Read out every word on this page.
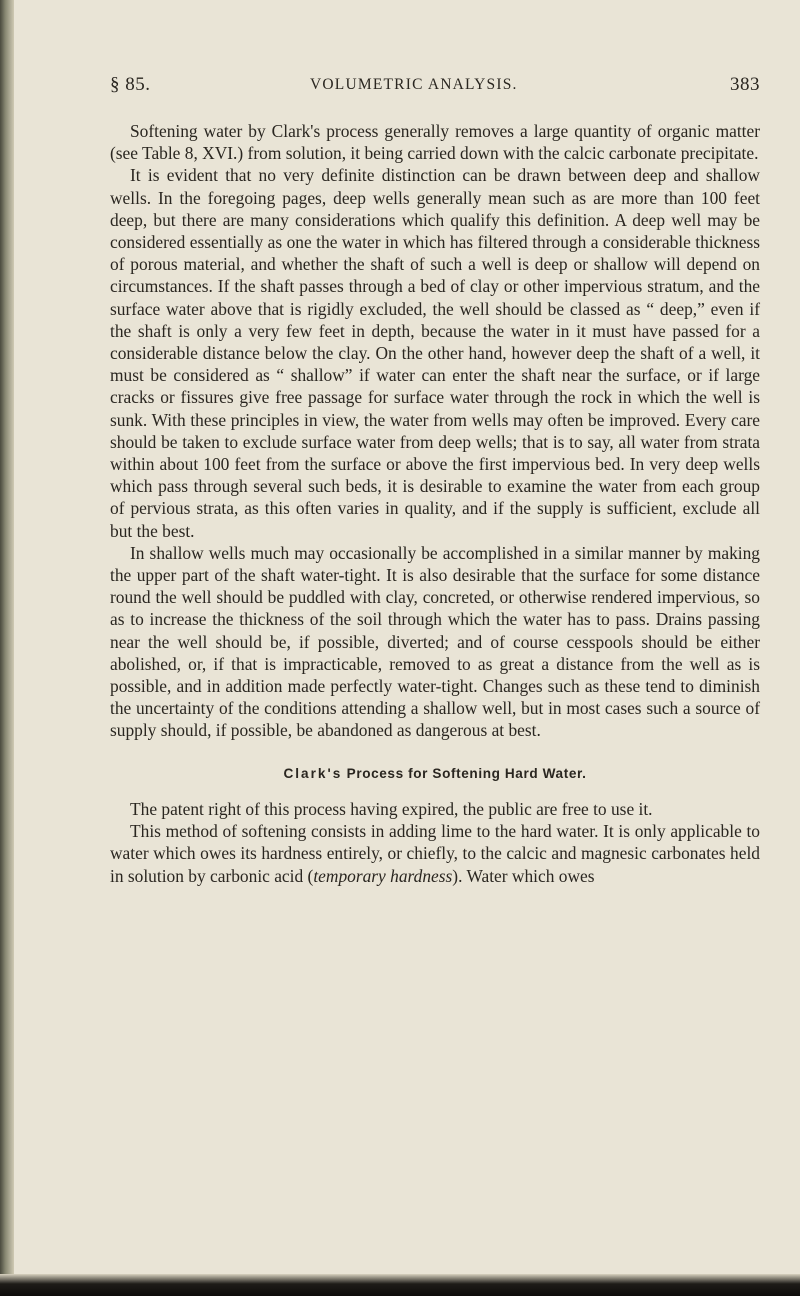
§ 85.	VOLUMETRIC ANALYSIS.	383

Softening water by Clark's process generally removes a large quantity of organic matter (see Table 8, XVI.) from solution, it being carried down with the calcic carbonate precipitate.

It is evident that no very definite distinction can be drawn between deep and shallow wells. In the foregoing pages, deep wells generally mean such as are more than 100 feet deep, but there are many considerations which qualify this definition. A deep well may be considered essentially as one the water in which has filtered through a considerable thickness of porous material, and whether the shaft of such a well is deep or shallow will depend on circumstances. If the shaft passes through a bed of clay or other impervious stratum, and the surface water above that is rigidly excluded, the well should be classed as “ deep,” even if the shaft is only a very few feet in depth, because the water in it must have passed for a considerable distance below the clay. On the other hand, however deep the shaft of a well, it must be considered as “ shallow” if water can enter the shaft near the surface, or if large cracks or fissures give free passage for surface water through the rock in which the well is sunk. With these principles in view, the water from wells may often be improved. Every care should be taken to exclude surface water from deep wells; that is to say, all water from strata within about 100 feet from the surface or above the first impervious bed. In very deep wells which pass through several such beds, it is desirable to examine the water from each group of pervious strata, as this often varies in quality, and if the supply is sufficient, exclude all but the best.

In shallow wells much may occasionally be accomplished in a similar manner by making the upper part of the shaft water-tight. It is also desirable that the surface for some distance round the well should be puddled with clay, concreted, or otherwise rendered impervious, so as to increase the thickness of the soil through which the water has to pass. Drains passing near the well should be, if possible, diverted; and of course cesspools should be either abolished, or, if that is impracticable, removed to as great a distance from the well as is possible, and in addition made perfectly water-tight. Changes such as these tend to diminish the uncertainty of the conditions attending a shallow well, but in most cases such a source of supply should, if possible, be abandoned as dangerous at best.

Clark's Process for Softening Hard Water.

The patent right of this process having expired, the public are free to use it.

This method of softening consists in adding lime to the hard water. It is only applicable to water which owes its hardness entirely, or chiefly, to the calcic and magnesic carbonates held in solution by carbonic acid (temporary hardness). Water which owes
